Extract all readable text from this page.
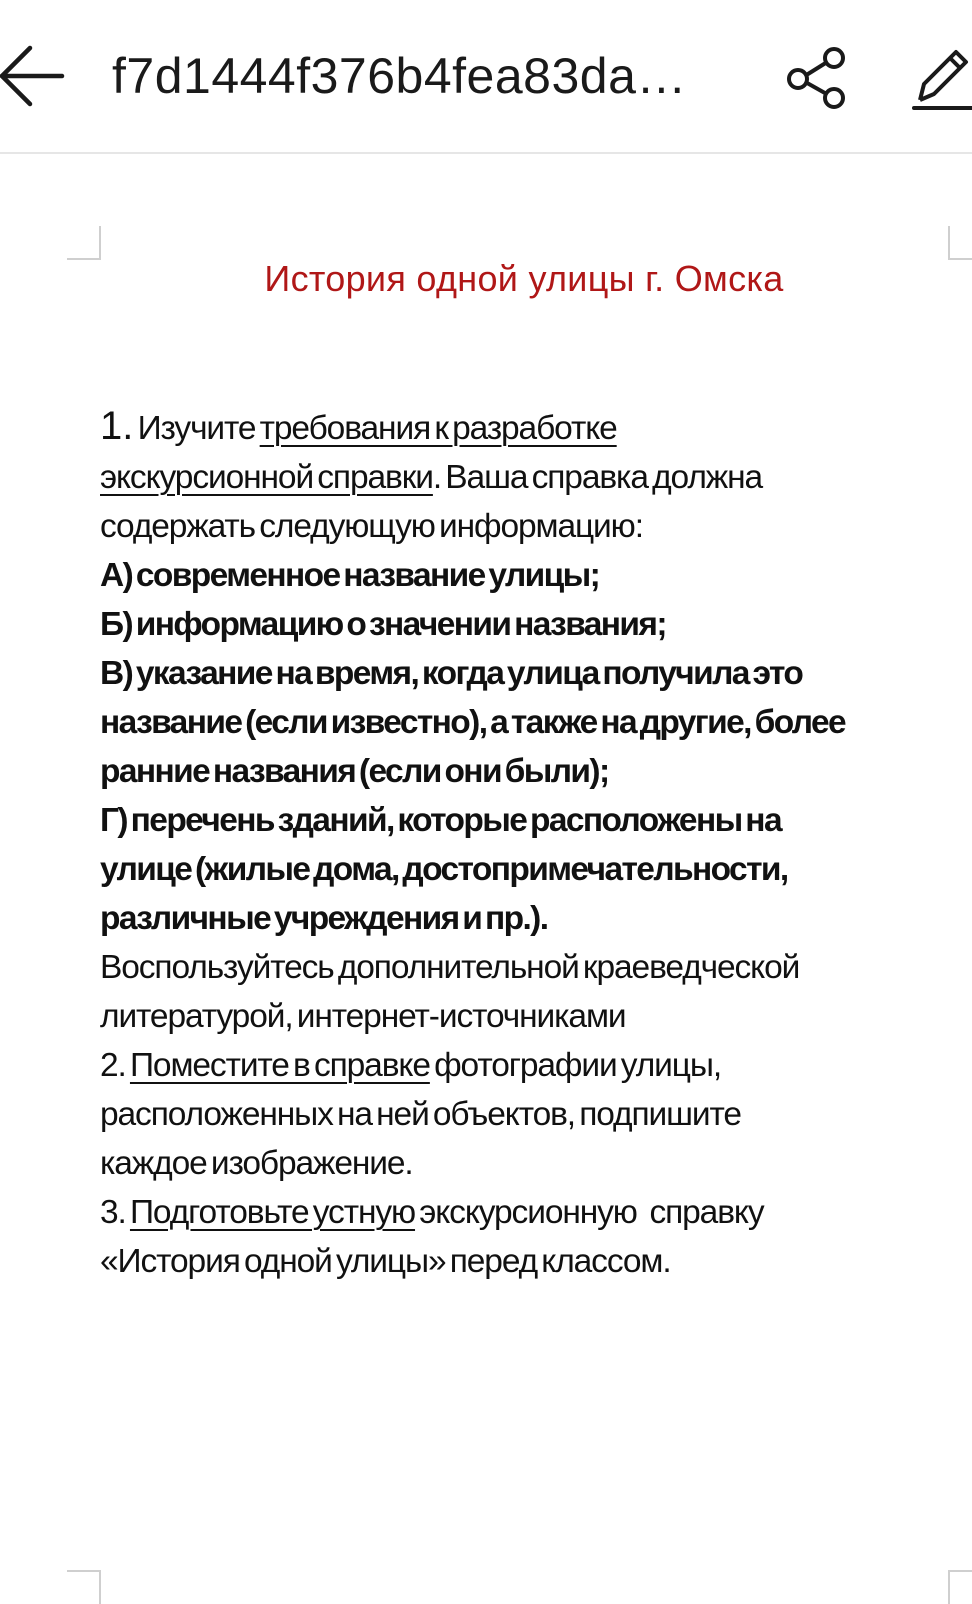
f7d1444f376b4fea83da…
История одной улицы г. Омска
1. Изучите требования к разработке
экскурсионной справки. Ваша справка должна
содержать следующую информацию:
А) современное название улицы;
Б) информацию о значении названия;
В) указание на время, когда улица получила это
название (если известно), а также на другие, более
ранние названия (если они были);
Г) перечень зданий, которые расположены на
улице (жилые дома, достопримечательности,
различные учреждения и пр.).
Воспользуйтесь дополнительной краеведческой
литературой, интернет-источниками
2. Поместите в справке фотографии улицы,
расположенных на ней объектов, подпишите
каждое изображение.
3. Подготовьте устную экскурсионную   справку
«История одной улицы» перед классом.
